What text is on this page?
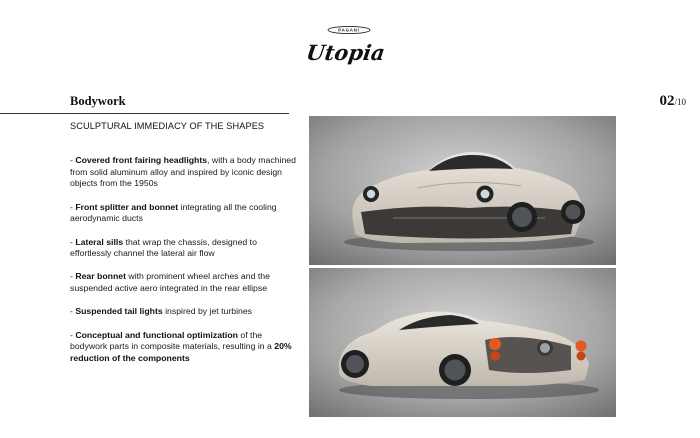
PAGANI
Utopia
Bodywork	02/10
SCULPTURAL IMMEDIACY OF THE SHAPES

- Covered front fairing headlights, with a body machined from solid aluminum alloy and inspired by iconic design objects from the 1950s

- Front splitter and bonnet integrating all the cooling aerodynamic ducts

- Lateral sills that wrap the chassis, designed to effortlessly channel the lateral air flow

- Rear bonnet with prominent wheel arches and the suspended active aero integrated in the rear ellipse

- Suspended tail lights inspired by jet turbines

- Conceptual and functional optimization of the bodywork parts in composite materials, resulting in a 20% reduction of the components
